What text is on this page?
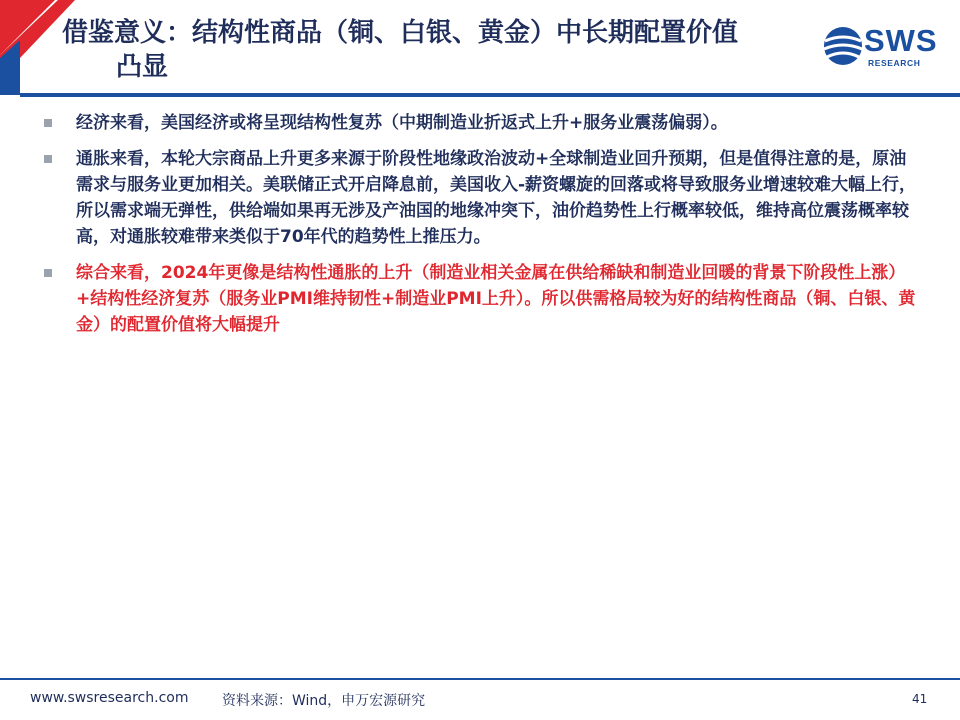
借鉴意义：结构性商品（铜、白银、黄金）中长期配置价值
凸显
SWS
RESEARCH
经济来看，美国经济或将呈现结构性复苏（中期制造业折返式上升+服务业震荡偏弱）。
通胀来看，本轮大宗商品上升更多来源于阶段性地缘政治波动+全球制造业回升预期，但是值得注意的是，原油需求与服务业更加相关。美联储正式开启降息前，美国收入-薪资螺旋的回落或将导致服务业增速较难大幅上行，所以需求端无弹性，供给端如果再无涉及产油国的地缘冲突下，油价趋势性上行概率较低，维持高位震荡概率较高，对通胀较难带来类似于70年代的趋势性上推压力。
综合来看，2024年更像是结构性通胀的上升（制造业相关金属在供给稀缺和制造业回暖的背景下阶段性上涨）+结构性经济复苏（服务业PMI维持韧性+制造业PMI上升）。所以供需格局较为好的结构性商品（铜、白银、黄金）的配置价值将大幅提升
www.swsresearch.com 资料来源：Wind，申万宏源研究	41
